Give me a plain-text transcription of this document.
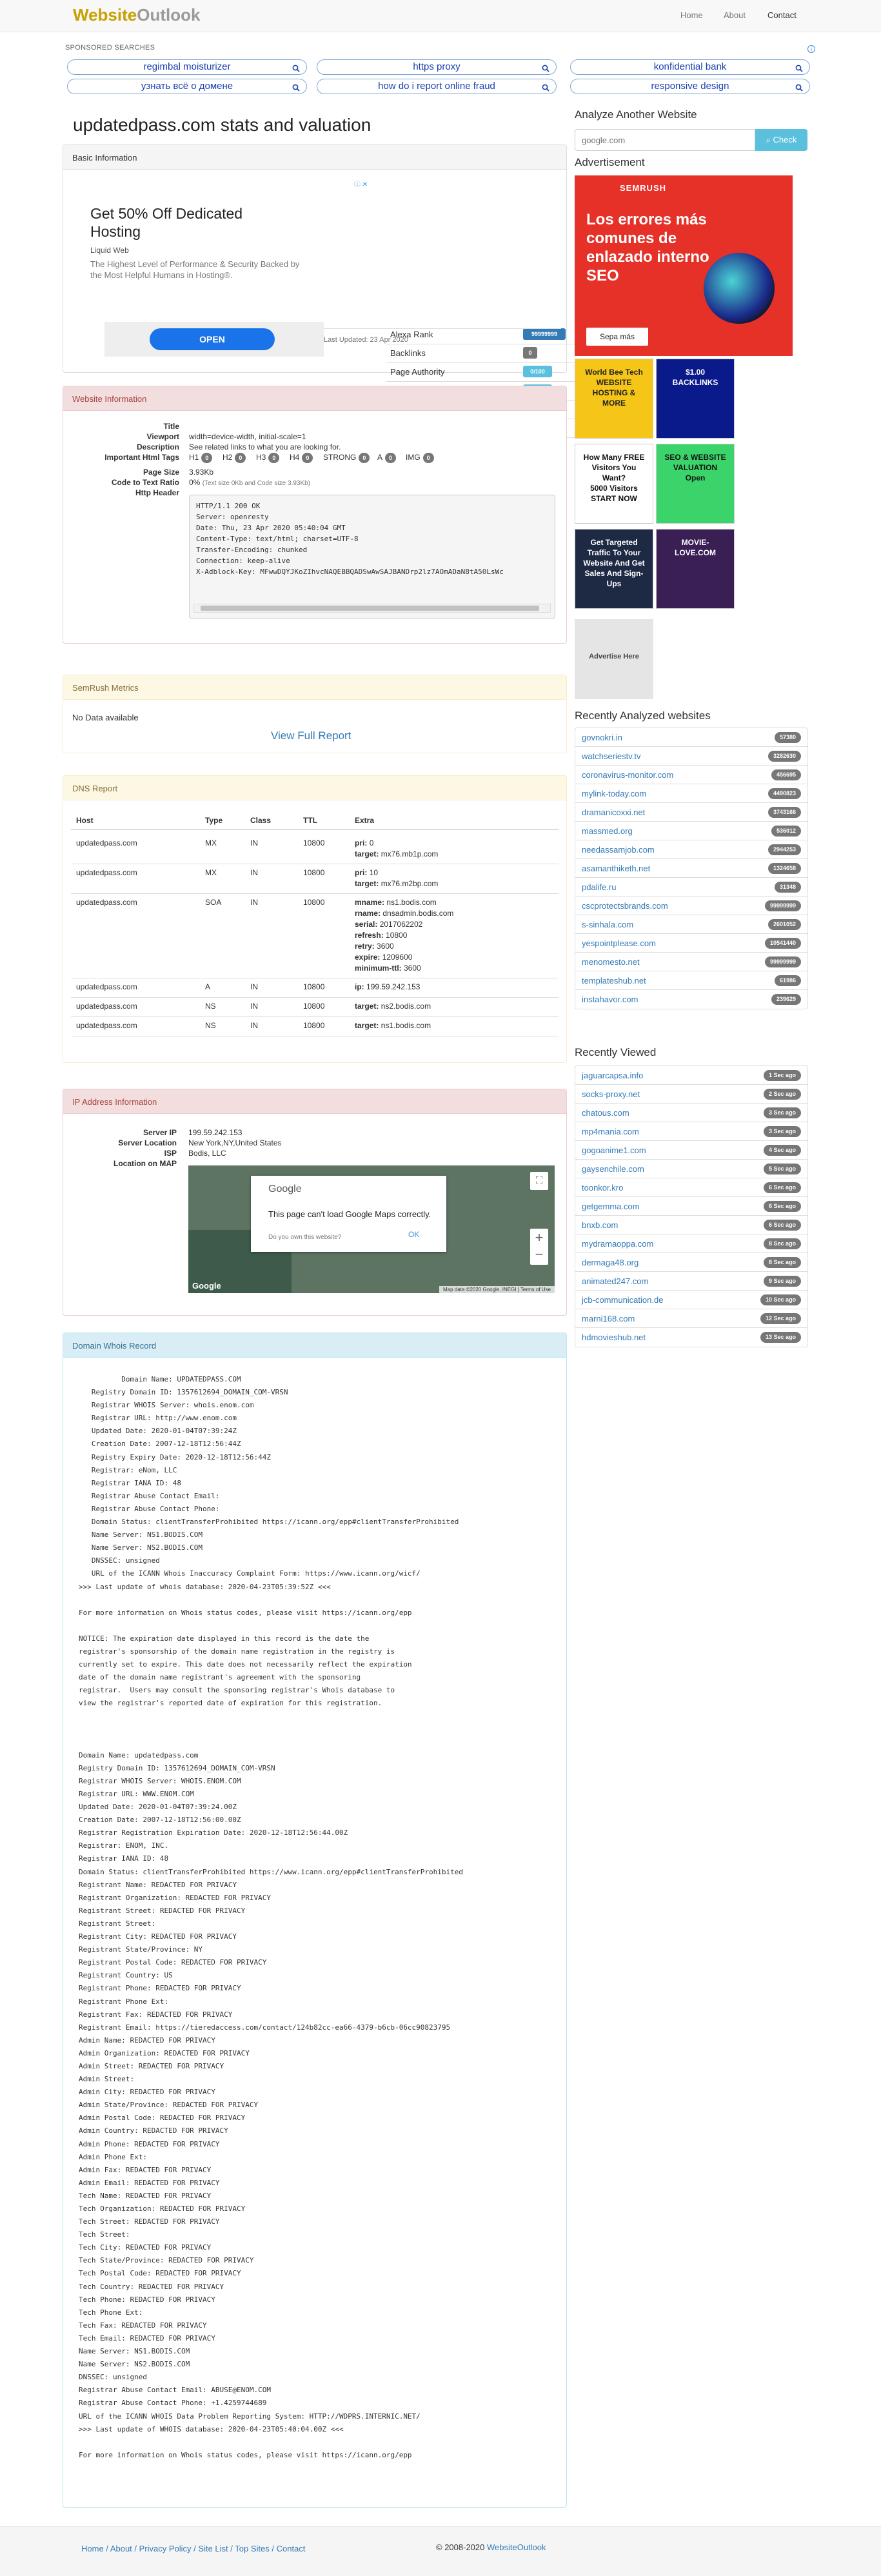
WebsiteOutlook	Home About	Contact
SPONSORED SEARCHES	i
regimbal moisturizer	https proxy	konfidential bank
узнать всё о домене	how do i report online fraud	responsive design
updatedpass.com stats and valuation
Basic Information
ⓘ ✕
Get 50% Off Dedicated Hosting
Liquid Web
The Highest Level of Performance & Security Backed by the Most Helpful Humans in Hosting®.
OPEN	Alexa Rank	99999999
Backlinks	0
Page Authority	0/100
Last Updated: 23 Apr 2020
Website Information
Title
Viewport width=device-width, initial-scale=1
Description See related links to what you are looking for.
Important Html Tags H1 0	H2 0	H3 0	H4 0	STRONG 0	A 0	IMG 0
Page Size 3.93Kb
Code to Text Ratio 0% (Text size 0Kb and Code size 3.93Kb)
Http Header
HTTP/1.1 200 OK
Server: openresty
Date: Thu, 23 Apr 2020 05:40:04 GMT
Content-Type: text/html; charset=UTF-8
Transfer-Encoding: chunked
Connection: keep-alive
X-Adblock-Key: MFwwDQYJKoZIhvcNAQEBBQADSwAwSAJBANDrp2lz7AOmADaN8tA50LsWc
SemRush Metrics
No Data available
View Full Report
DNS Report
Host	Type	Class	TTL	Extra
updatedpass.com	MX	IN	10800	pri: 0
target: mx76.mb1p.com
updatedpass.com	MX	IN	10800	pri: 10
target: mx76.m2bp.com
updatedpass.com	SOA	IN	10800	mname: ns1.bodis.com
rname: dnsadmin.bodis.com
serial: 2017062202
refresh: 10800
retry: 3600
expire: 1209600
minimum-ttl: 3600
updatedpass.com	A	IN	10800	ip: 199.59.242.153
updatedpass.com	NS	IN	10800	target: ns2.bodis.com
updatedpass.com	NS	IN	10800	target: ns1.bodis.com
IP Address Information
Server IP 199.59.242.153
Server Location New York,NY,United States
ISP Bodis, LLC
Location on MAP
Google
This page can't load Google Maps correctly.
Do you own this website?	OK
⛶
+
−
Google	Map data ©2020 Google, INEGI | Terms of Use
Domain Whois Record
Domain Name: UPDATEDPASS.COM
Registry Domain ID: 1357612694_DOMAIN_COM-VRSN
Registrar WHOIS Server: whois.enom.com
Registrar URL: http://www.enom.com
Updated Date: 2020-01-04T07:39:24Z
Creation Date: 2007-12-18T12:56:44Z
Registry Expiry Date: 2020-12-18T12:56:44Z
Registrar: eNom, LLC
Registrar IANA ID: 48
Registrar Abuse Contact Email:
Registrar Abuse Contact Phone:
Domain Status: clientTransferProhibited https://icann.org/epp#clientTransferProhibited
Name Server: NS1.BODIS.COM
Name Server: NS2.BODIS.COM
DNSSEC: unsigned
URL of the ICANN Whois Inaccuracy Complaint Form: https://www.icann.org/wicf/
>>> Last update of whois database: 2020-04-23T05:39:52Z <<<

For more information on Whois status codes, please visit https://icann.org/epp

NOTICE: The expiration date displayed in this record is the date the
registrar's sponsorship of the domain name registration in the registry is
currently set to expire. This date does not necessarily reflect the expiration
date of the domain name registrant's agreement with the sponsoring
registrar.  Users may consult the sponsoring registrar's Whois database to
view the registrar's reported date of expiration for this registration.

Domain Name: updatedpass.com
Registry Domain ID: 1357612694_DOMAIN_COM-VRSN
Registrar WHOIS Server: WHOIS.ENOM.COM
Registrar URL: WWW.ENOM.COM
Updated Date: 2020-01-04T07:39:24.00Z
Creation Date: 2007-12-18T12:56:00.00Z
Registrar Registration Expiration Date: 2020-12-18T12:56:44.00Z
Registrar: ENOM, INC.
Registrar IANA ID: 48
Domain Status: clientTransferProhibited https://www.icann.org/epp#clientTransferProhibited
Registrant Name: REDACTED FOR PRIVACY
Registrant Organization: REDACTED FOR PRIVACY
Registrant Street: REDACTED FOR PRIVACY
Registrant Street:
Registrant City: REDACTED FOR PRIVACY
Registrant State/Province: NY
Registrant Postal Code: REDACTED FOR PRIVACY
Registrant Country: US
Registrant Phone: REDACTED FOR PRIVACY
Registrant Phone Ext:
Registrant Fax: REDACTED FOR PRIVACY
Registrant Email: https://tieredaccess.com/contact/124b82cc-ea66-4379-b6cb-06cc90823795
Admin Name: REDACTED FOR PRIVACY
Admin Organization: REDACTED FOR PRIVACY
Admin Street: REDACTED FOR PRIVACY
Admin Street:
Admin City: REDACTED FOR PRIVACY
Admin State/Province: REDACTED FOR PRIVACY
Admin Postal Code: REDACTED FOR PRIVACY
Admin Country: REDACTED FOR PRIVACY
Admin Phone: REDACTED FOR PRIVACY
Admin Phone Ext:
Admin Fax: REDACTED FOR PRIVACY
Admin Email: REDACTED FOR PRIVACY
Tech Name: REDACTED FOR PRIVACY
Tech Organization: REDACTED FOR PRIVACY
Tech Street: REDACTED FOR PRIVACY
Tech Street:
Tech City: REDACTED FOR PRIVACY
Tech State/Province: REDACTED FOR PRIVACY
Tech Postal Code: REDACTED FOR PRIVACY
Tech Country: REDACTED FOR PRIVACY
Tech Phone: REDACTED FOR PRIVACY
Tech Phone Ext:
Tech Fax: REDACTED FOR PRIVACY
Tech Email: REDACTED FOR PRIVACY
Name Server: NS1.BODIS.COM
Name Server: NS2.BODIS.COM
DNSSEC: unsigned
Registrar Abuse Contact Email: ABUSE@ENOM.COM
Registrar Abuse Contact Phone: +1.4259744689
URL of the ICANN WHOIS Data Problem Reporting System: HTTP://WDPRS.INTERNIC.NET/
>>> Last update of WHOIS database: 2020-04-23T05:40:04.00Z <<<

For more information on Whois status codes, please visit https://icann.org/epp
Analyze Another Website
google.com
⌕ Check
Advertisement
SEMRUSH
Los errores más comunes de enlazado interno SEO
Sepa más
World Bee Tech
WEBSITE HOSTING & MORE
$1.00
BACKLINKS
How Many FREE Visitors You Want?
5000 Visitors
START NOW
SEO & WEBSITE VALUATION
Open
Get Targeted Traffic To Your Website And Get Sales And Sign-Ups
MOVIE-LOVE.COM
Advertise Here
Recently Analyzed websites
govnokri.in	57380
watchseriestv.tv	3282630
coronavirus-monitor.com	456695
mylink-today.com	4490823
dramanicoxxi.net	3743166
massmed.org	536012
needassamjob.com	2944253
asamanthiketh.net	1324658
pdalife.ru	31348
cscprotectsbrands.com	99999999
s-sinhala.com	2601052
yespointplease.com	10541440
menomesto.net	99999999
templateshub.net	61986
instahavor.com	239629
Recently Viewed
jaguarcapsa.info	1 Sec ago
socks-proxy.net	2 Sec ago
chatous.com	3 Sec ago
mp4mania.com	3 Sec ago
gogoanime1.com	4 Sec ago
gaysenchile.com	5 Sec ago
toonkor.kro	6 Sec ago
getgemma.com	6 Sec ago
bnxb.com	6 Sec ago
mydramaoppa.com	8 Sec ago
dermaga48.org	8 Sec ago
animated247.com	9 Sec ago
jcb-communication.de	10 Sec ago
marni168.com	12 Sec ago
hdmovieshub.net	13 Sec ago
Home / About / Privacy Policy / Site List / Top Sites / Contact	© 2008-2020 WebsiteOutlook
